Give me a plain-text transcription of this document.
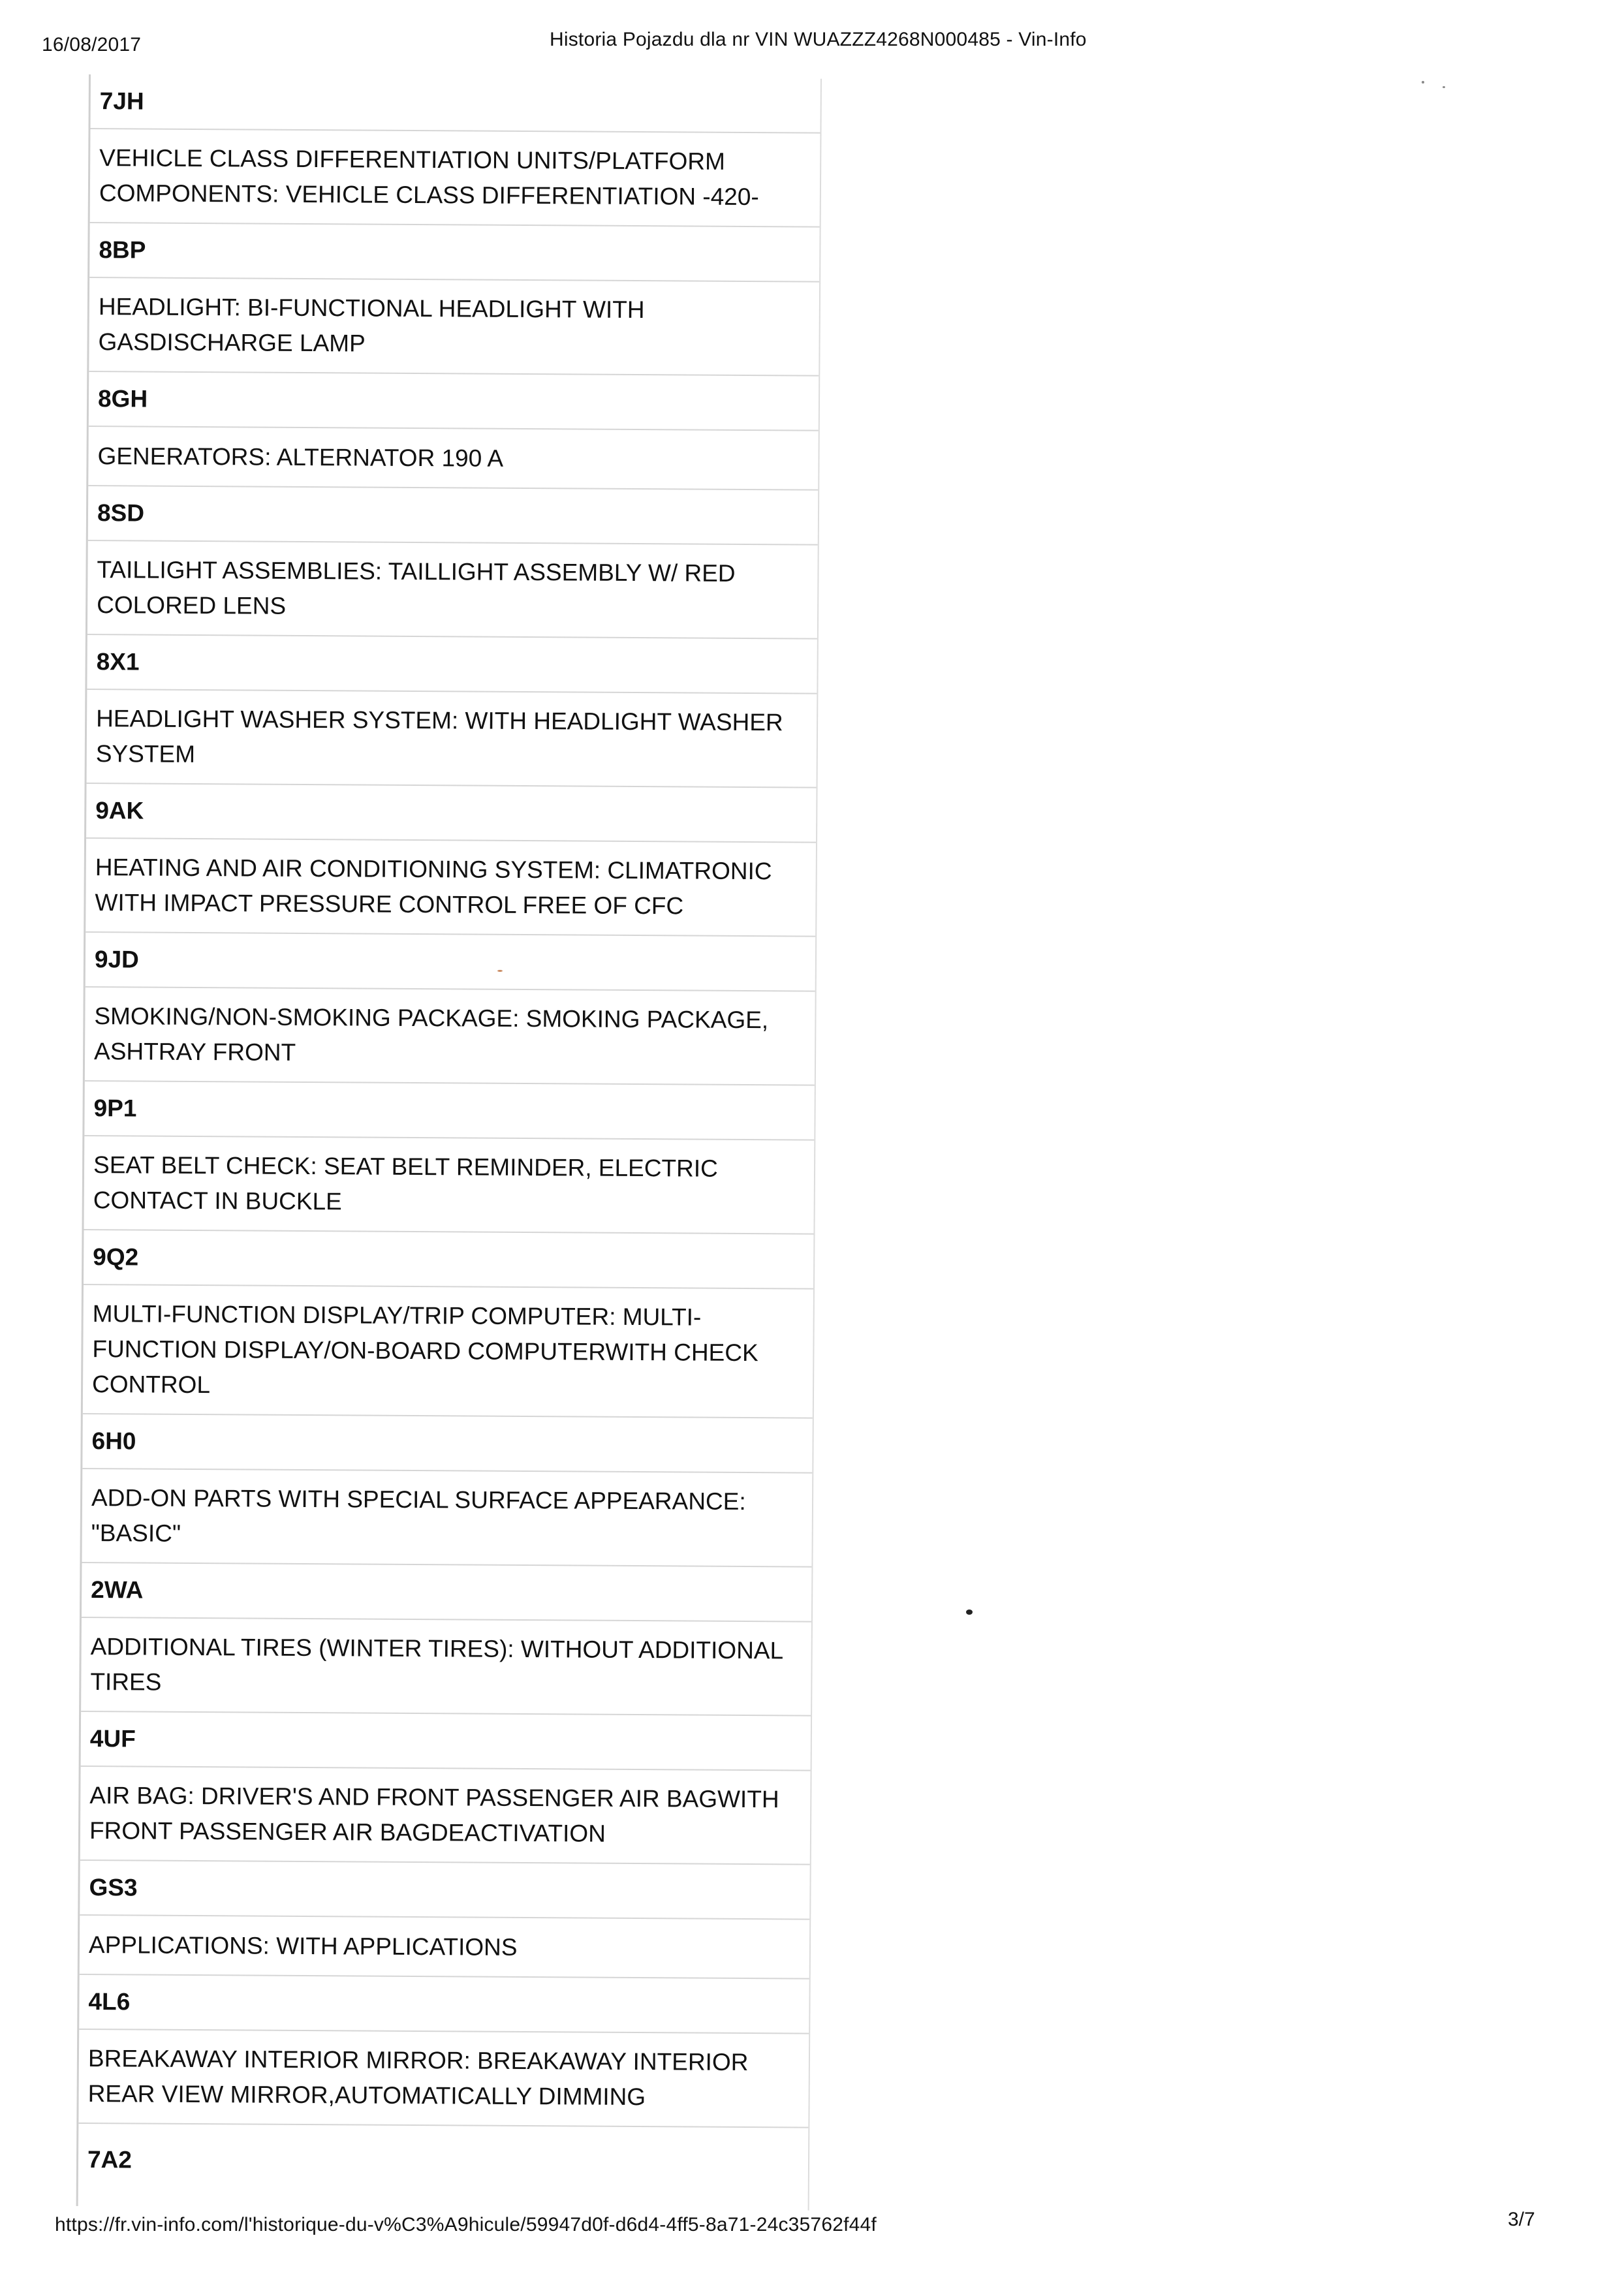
16/08/2017	Historia Pojazdu dla nr VIN WUAZZZ4268N000485 - Vin-Info
7JH
VEHICLE CLASS DIFFERENTIATION UNITS/PLATFORM
COMPONENTS: VEHICLE CLASS DIFFERENTIATION -420-
8BP
HEADLIGHT: BI-FUNCTIONAL HEADLIGHT WITH
GASDISCHARGE LAMP
8GH
GENERATORS: ALTERNATOR 190 A
8SD
TAILLIGHT ASSEMBLIES: TAILLIGHT ASSEMBLY W/ RED
COLORED LENS
8X1
HEADLIGHT WASHER SYSTEM: WITH HEADLIGHT WASHER
SYSTEM
9AK
HEATING AND AIR CONDITIONING SYSTEM: CLIMATRONIC
WITH IMPACT PRESSURE CONTROL FREE OF CFC
9JD
SMOKING/NON-SMOKING PACKAGE: SMOKING PACKAGE,
ASHTRAY FRONT
9P1
SEAT BELT CHECK: SEAT BELT REMINDER, ELECTRIC
CONTACT IN BUCKLE
9Q2
MULTI-FUNCTION DISPLAY/TRIP COMPUTER: MULTI-
FUNCTION DISPLAY/ON-BOARD COMPUTERWITH CHECK
CONTROL
6H0
ADD-ON PARTS WITH SPECIAL SURFACE APPEARANCE:
"BASIC"
2WA
ADDITIONAL TIRES (WINTER TIRES): WITHOUT ADDITIONAL
TIRES
4UF
AIR BAG: DRIVER'S AND FRONT PASSENGER AIR BAGWITH
FRONT PASSENGER AIR BAGDEACTIVATION
GS3
APPLICATIONS: WITH APPLICATIONS
4L6
BREAKAWAY INTERIOR MIRROR: BREAKAWAY INTERIOR
REAR VIEW MIRROR,AUTOMATICALLY DIMMING
7A2
https://fr.vin-info.com/l'historique-du-v%C3%A9hicule/59947d0f-d6d4-4ff5-8a71-24c35762f44f	3/7
